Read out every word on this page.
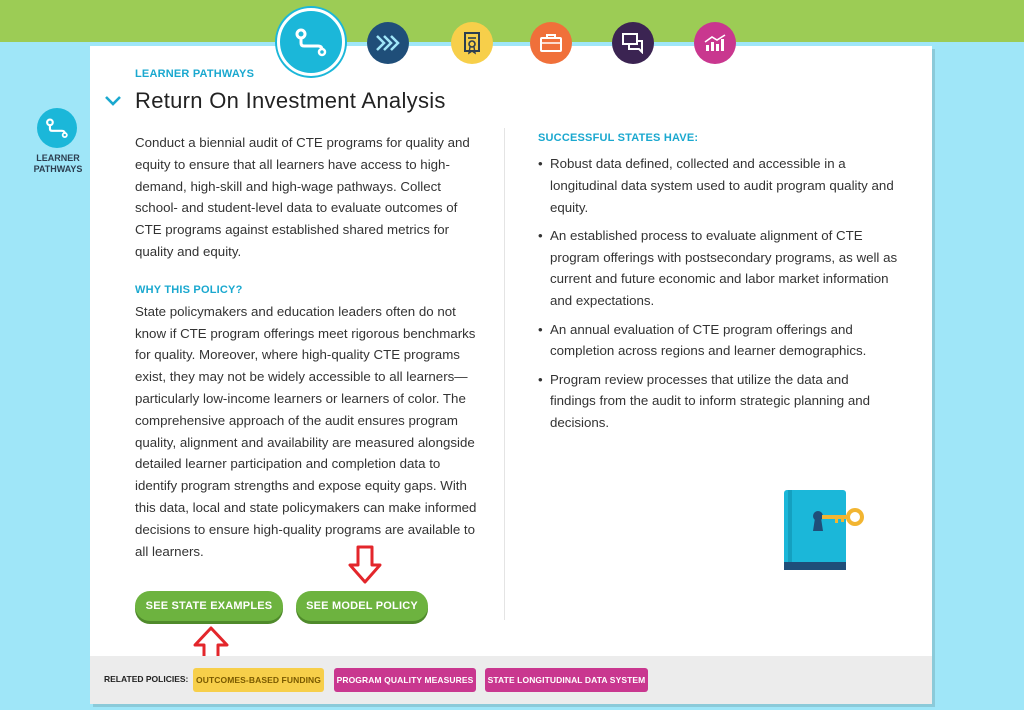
LEARNER
PATHWAYS
LEARNER PATHWAYS
Return On Investment Analysis

Conduct a biennial audit of CTE programs for quality and equity to ensure that all learners have access to high-demand, high-skill and high-wage pathways. Collect school- and student-level data to evaluate outcomes of CTE programs against established shared metrics for quality and equity.

WHY THIS POLICY?

State policymakers and education leaders often do not know if CTE program offerings meet rigorous benchmarks for quality. Moreover, where high-quality CTE programs exist, they may not be widely accessible to all learners—particularly low-income learners or learners of color. The comprehensive approach of the audit ensures program quality, alignment and availability are measured alongside detailed learner participation and completion data to identify program strengths and expose equity gaps. With this data, local and state policymakers can make informed decisions to ensure high-quality programs are available to all learners.

SUCCESSFUL STATES HAVE:
• Robust data defined, collected and accessible in a longitudinal data system used to audit program quality and equity.
• An established process to evaluate alignment of CTE program offerings with postsecondary programs, as well as current and future economic and labor market information and expectations.
• An annual evaluation of CTE program offerings and completion across regions and learner demographics.
• Program review processes that utilize the data and findings from the audit to inform strategic planning and decisions.
SEE STATE EXAMPLES	SEE MODEL POLICY
RELATED POLICIES: OUTCOMES-BASED FUNDING	PROGRAM QUALITY MEASURES	STATE LONGITUDINAL DATA SYSTEM
